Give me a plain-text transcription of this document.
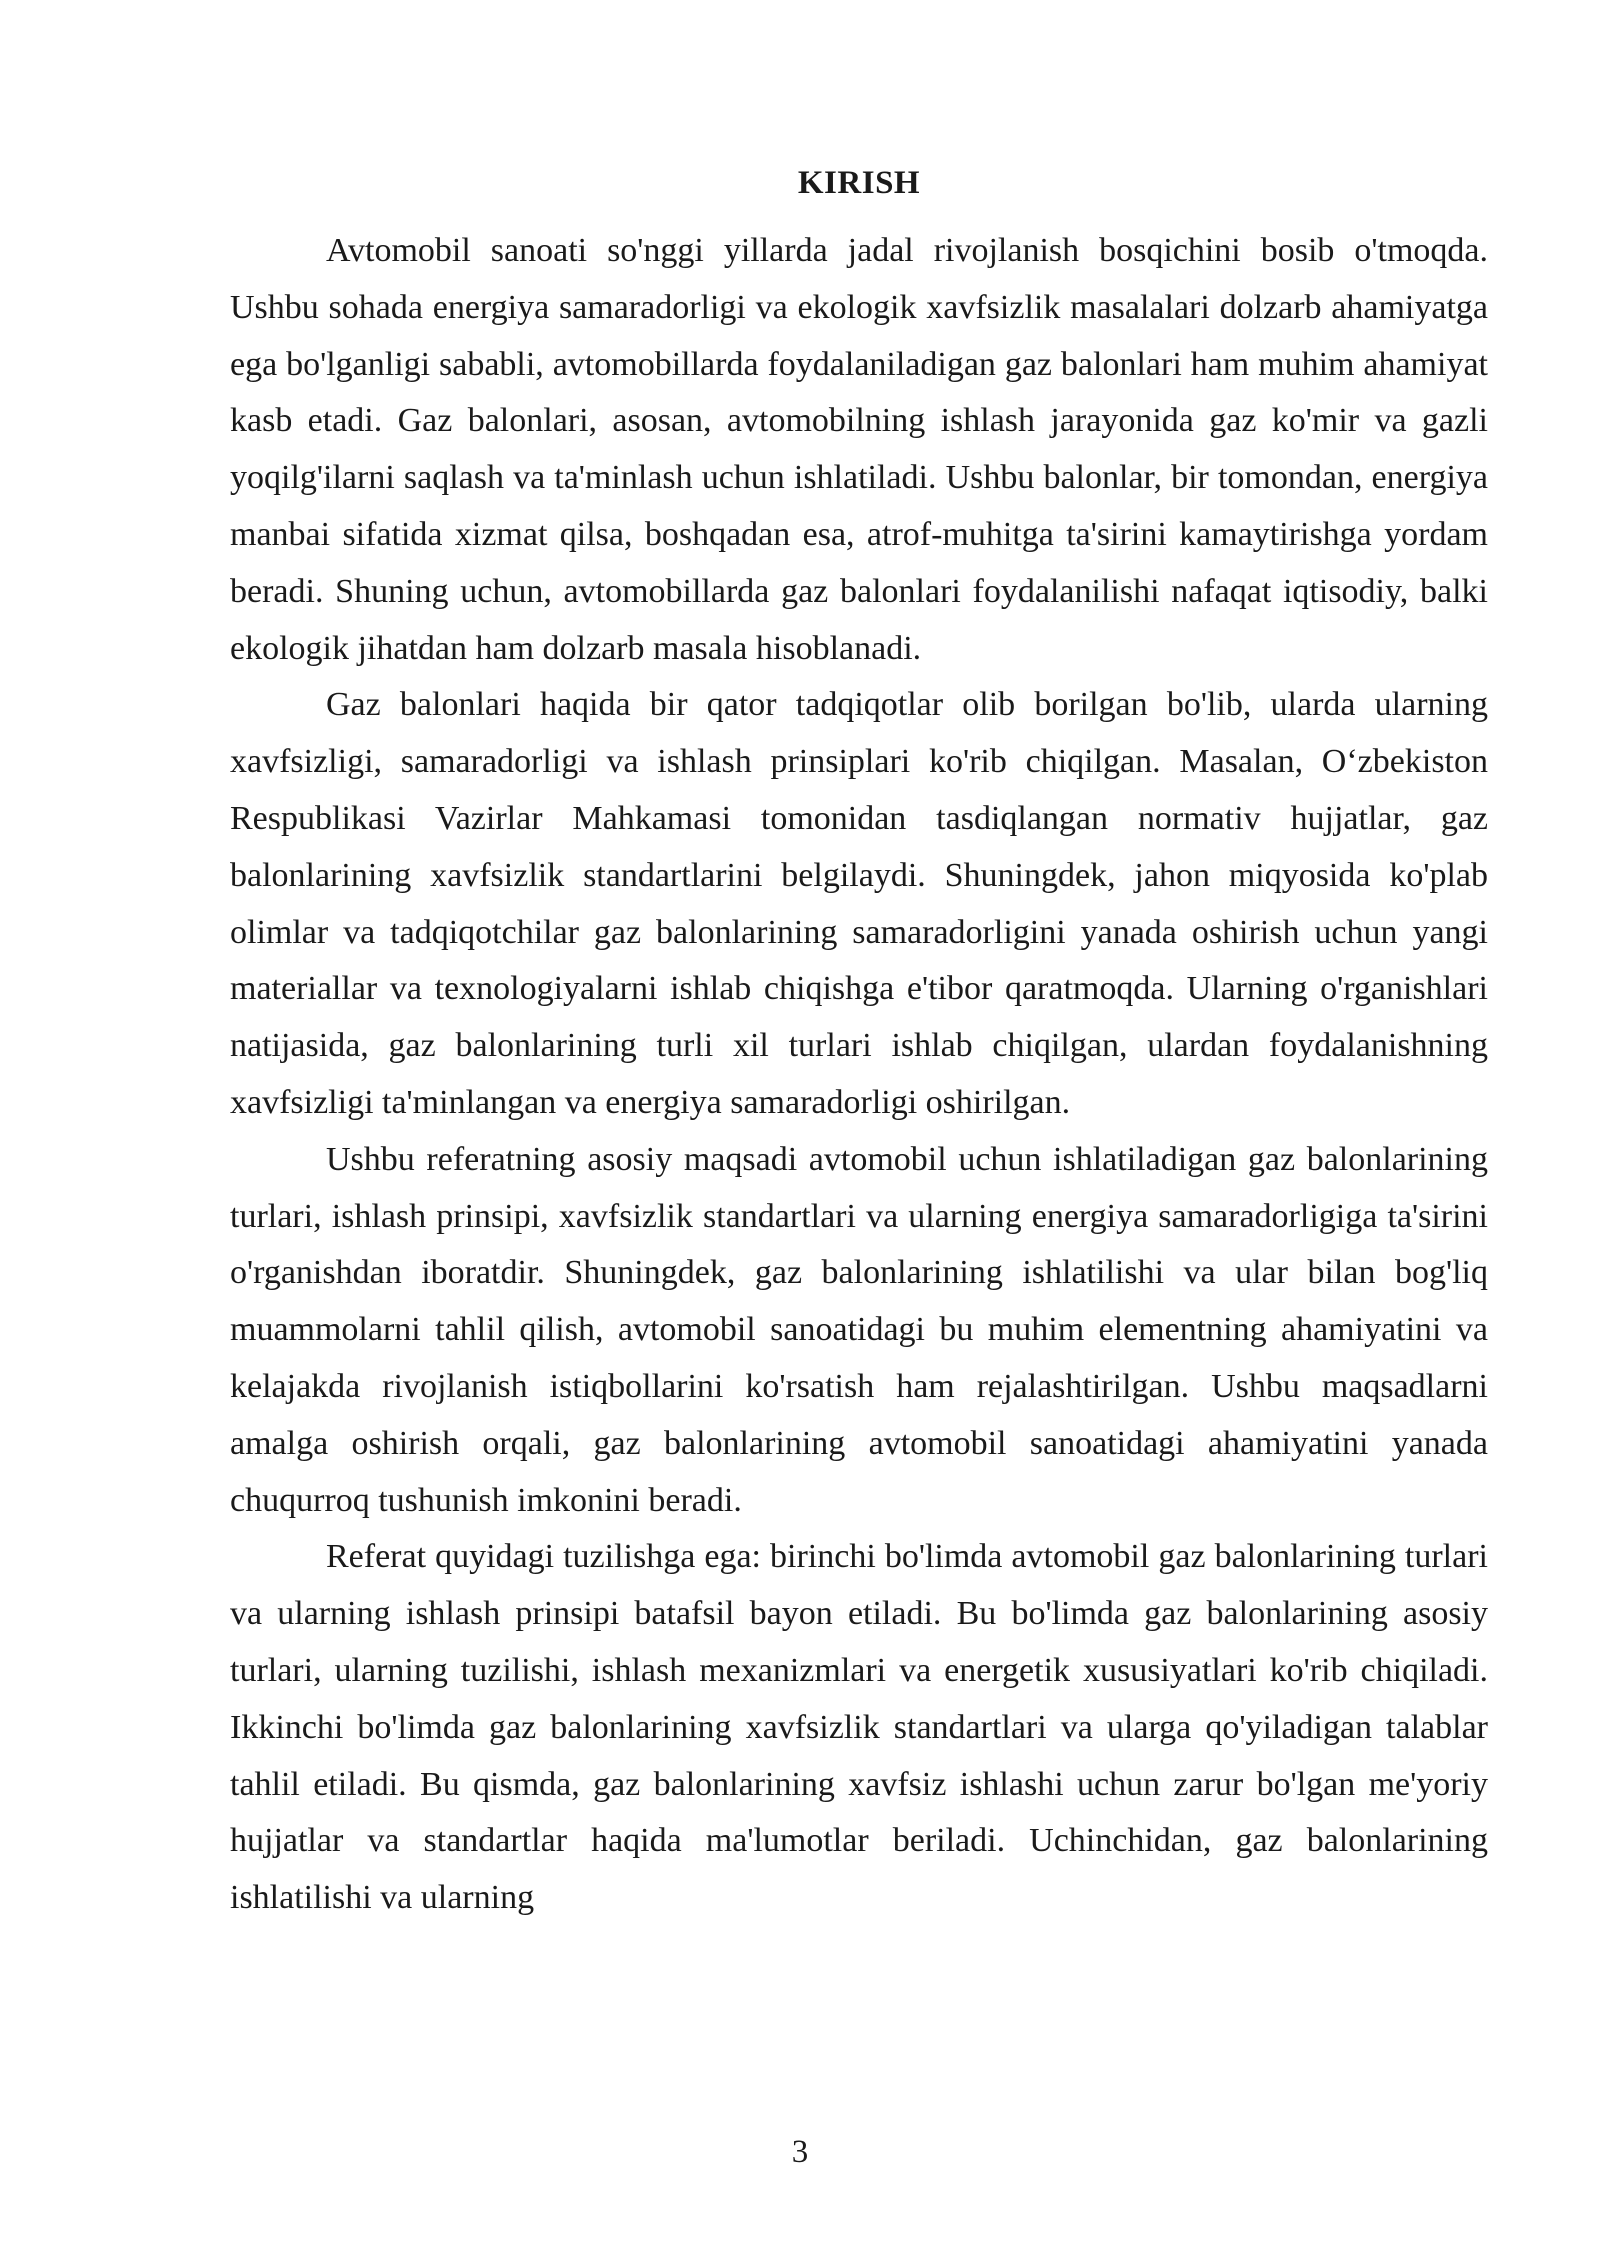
KIRISH

Avtomobil sanoati so'nggi yillarda jadal rivojlanish bosqichini bosib o'tmoqda. Ushbu sohada energiya samaradorligi va ekologik xavfsizlik masalalari dolzarb ahamiyatga ega bo'lganligi sababli, avtomobillarda foydalaniladigan gaz balonlari ham muhim ahamiyat kasb etadi. Gaz balonlari, asosan, avtomobilning ishlash jarayonida gaz ko'mir va gazli yoqilg'ilarni saqlash va ta'minlash uchun ishlatiladi. Ushbu balonlar, bir tomondan, energiya manbai sifatida xizmat qilsa, boshqadan esa, atrof-muhitga ta'sirini kamaytirishga yordam beradi. Shuning uchun, avtomobillarda gaz balonlari foydalanilishi nafaqat iqtisodiy, balki ekologik jihatdan ham dolzarb masala hisoblanadi.

Gaz balonlari haqida bir qator tadqiqotlar olib borilgan bo'lib, ularda ularning xavfsizligi, samaradorligi va ishlash prinsiplari ko'rib chiqilgan. Masalan, O‘zbekiston Respublikasi Vazirlar Mahkamasi tomonidan tasdiqlangan normativ hujjatlar, gaz balonlarining xavfsizlik standartlarini belgilaydi. Shuningdek, jahon miqyosida ko'plab olimlar va tadqiqotchilar gaz balonlarining samaradorligini yanada oshirish uchun yangi materiallar va texnologiyalarni ishlab chiqishga e'tibor qaratmoqda. Ularning o'rganishlari natijasida, gaz balonlarining turli xil turlari ishlab chiqilgan, ulardan foydalanishning xavfsizligi ta'minlangan va energiya samaradorligi oshirilgan.

Ushbu referatning asosiy maqsadi avtomobil uchun ishlatiladigan gaz balonlarining turlari, ishlash prinsipi, xavfsizlik standartlari va ularning energiya samaradorligiga ta'sirini o'rganishdan iboratdir. Shuningdek, gaz balonlarining ishlatilishi va ular bilan bog'liq muammolarni tahlil qilish, avtomobil sanoatidagi bu muhim elementning ahamiyatini va kelajakda rivojlanish istiqbollarini ko'rsatish ham rejalashtirilgan. Ushbu maqsadlarni amalga oshirish orqali, gaz balonlarining avtomobil sanoatidagi ahamiyatini yanada chuqurroq tushunish imkonini beradi.

Referat quyidagi tuzilishga ega: birinchi bo'limda avtomobil gaz balonlarining turlari va ularning ishlash prinsipi batafsil bayon etiladi. Bu bo'limda gaz balonlarining asosiy turlari, ularning tuzilishi, ishlash mexanizmlari va energetik xususiyatlari ko'rib chiqiladi. Ikkinchi bo'limda gaz balonlarining xavfsizlik standartlari va ularga qo'yiladigan talablar tahlil etiladi. Bu qismda, gaz balonlarining xavfsiz ishlashi uchun zarur bo'lgan me'yoriy hujjatlar va standartlar haqida ma'lumotlar beriladi. Uchinchidan, gaz balonlarining ishlatilishi va ularning

3
